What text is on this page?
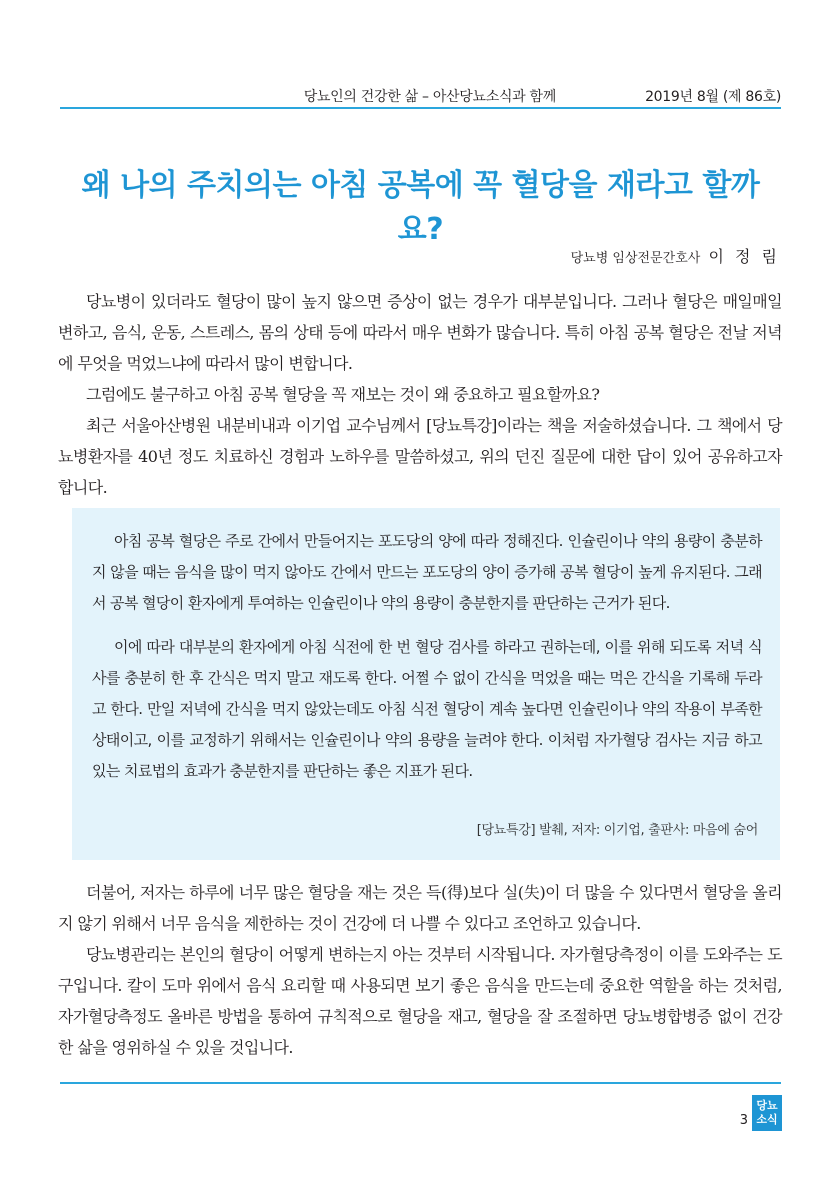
당뇨인의 건강한 삶 – 아산당뇨소식과 함께	2019년 8월 (제 86호)
왜 나의 주치의는 아침 공복에 꼭 혈당을 재라고 할까요?
당뇨병 임상전문간호사 이 정 림

당뇨병이 있더라도 혈당이 많이 높지 않으면 증상이 없는 경우가 대부분입니다. 그러나 혈당은 매일매일 변하고, 음식, 운동, 스트레스, 몸의 상태 등에 따라서 매우 변화가 많습니다. 특히 아침 공복 혈당은 전날 저녁에 무엇을 먹었느냐에 따라서 많이 변합니다.

그럼에도 불구하고 아침 공복 혈당을 꼭 재보는 것이 왜 중요하고 필요할까요?

최근 서울아산병원 내분비내과 이기업 교수님께서 [당뇨특강]이라는 책을 저술하셨습니다. 그 책에서 당뇨병환자를 40년 정도 치료하신 경험과 노하우를 말씀하셨고, 위의 던진 질문에 대한 답이 있어 공유하고자 합니다.

아침 공복 혈당은 주로 간에서 만들어지는 포도당의 양에 따라 정해진다. 인슐린이나 약의 용량이 충분하지 않을 때는 음식을 많이 먹지 않아도 간에서 만드는 포도당의 양이 증가해 공복 혈당이 높게 유지된다. 그래서 공복 혈당이 환자에게 투여하는 인슐린이나 약의 용량이 충분한지를 판단하는 근거가 된다.

이에 따라 대부분의 환자에게 아침 식전에 한 번 혈당 검사를 하라고 권하는데, 이를 위해 되도록 저녁 식사를 충분히 한 후 간식은 먹지 말고 재도록 한다. 어쩔 수 없이 간식을 먹었을 때는 먹은 간식을 기록해 두라고 한다. 만일 저녁에 간식을 먹지 않았는데도 아침 식전 혈당이 계속 높다면 인슐린이나 약의 작용이 부족한 상태이고, 이를 교정하기 위해서는 인슐린이나 약의 용량을 늘려야 한다. 이처럼 자가혈당 검사는 지금 하고 있는 치료법의 효과가 충분한지를 판단하는 좋은 지표가 된다.

[당뇨특강] 발췌, 저자: 이기업, 출판사: 마음에 숨어

더불어, 저자는 하루에 너무 많은 혈당을 재는 것은 득(得)보다 실(失)이 더 많을 수 있다면서 혈당을 올리지 않기 위해서 너무 음식을 제한하는 것이 건강에 더 나쁠 수 있다고 조언하고 있습니다.

당뇨병관리는 본인의 혈당이 어떻게 변하는지 아는 것부터 시작됩니다. 자가혈당측정이 이를 도와주는 도구입니다. 칼이 도마 위에서 음식 요리할 때 사용되면 보기 좋은 음식을 만드는데 중요한 역할을 하는 것처럼, 자가혈당측정도 올바른 방법을 통하여 규칙적으로 혈당을 재고, 혈당을 잘 조절하면 당뇨병합병증 없이 건강한 삶을 영위하실 수 있을 것입니다.

3
당뇨
소식
